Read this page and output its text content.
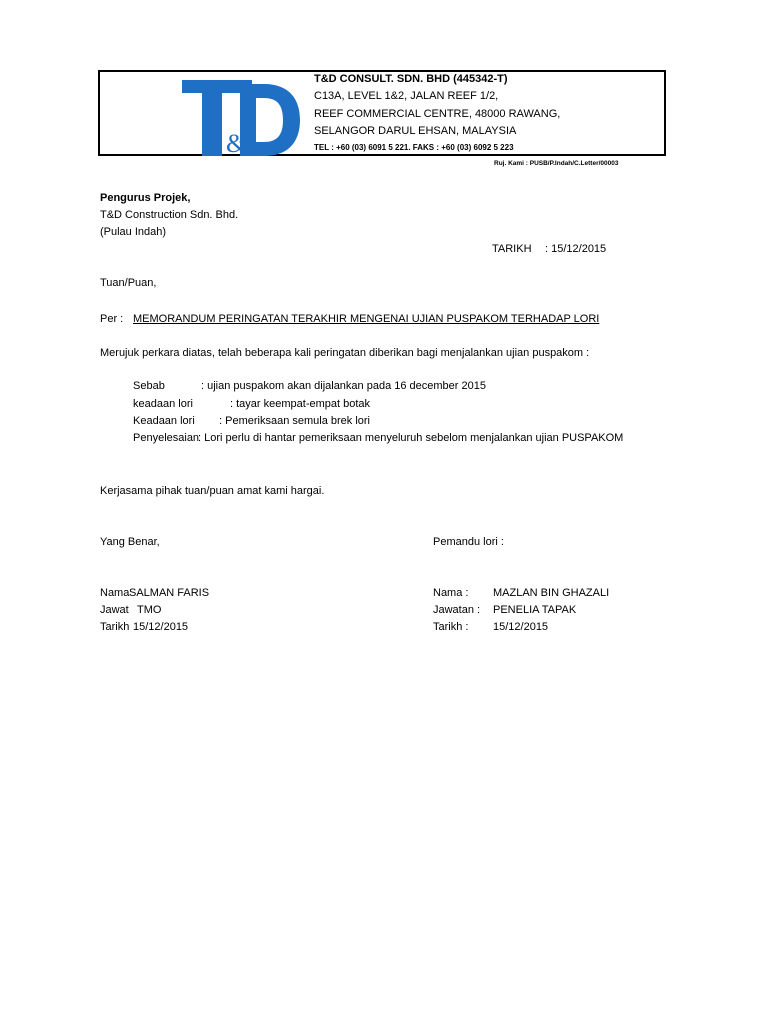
&
T&D CONSULT. SDN. BHD (445342-T)
C13A, LEVEL 1&2, JALAN REEF 1/2,
REEF COMMERCIAL CENTRE, 48000 RAWANG,
SELANGOR DARUL EHSAN, MALAYSIA
TEL : +60 (03) 6091 5 221. FAKS : +60 (03) 6092 5 223
Ruj. Kami : PUSB/P.Indah/C.Letter/00003
Pengurus Projek,
T&D Construction Sdn. Bhd.
(Pulau Indah)
TARIKH : 15/12/2015
Tuan/Puan,
Per : MEMORANDUM PERINGATAN TERAKHIR MENGENAI UJIAN PUSPAKOM TERHADAP LORI
Merujuk perkara diatas, telah beberapa kali peringatan diberikan bagi menjalankan ujian puspakom :
Sebab	: ujian puspakom akan dijalankan pada 16 december 2015
keadaan lori	: tayar keempat-empat botak
Keadaan lori : Pemeriksaan semula brek lori
Penyelesaian
: Lori perlu di hantar pemeriksaan menyeluruh sebelom menjalankan ujian PUSPAKOM
Kerjasama pihak tuan/puan amat kami hargai.
Yang Benar,
Nama SALMAN FARIS
Jawat TMO
Tarikh 15/12/2015
Pemandu lori :
Nama : MAZLAN BIN GHAZALI
Jawatan : PENELIA TAPAK
Tarikh : 15/12/2015
